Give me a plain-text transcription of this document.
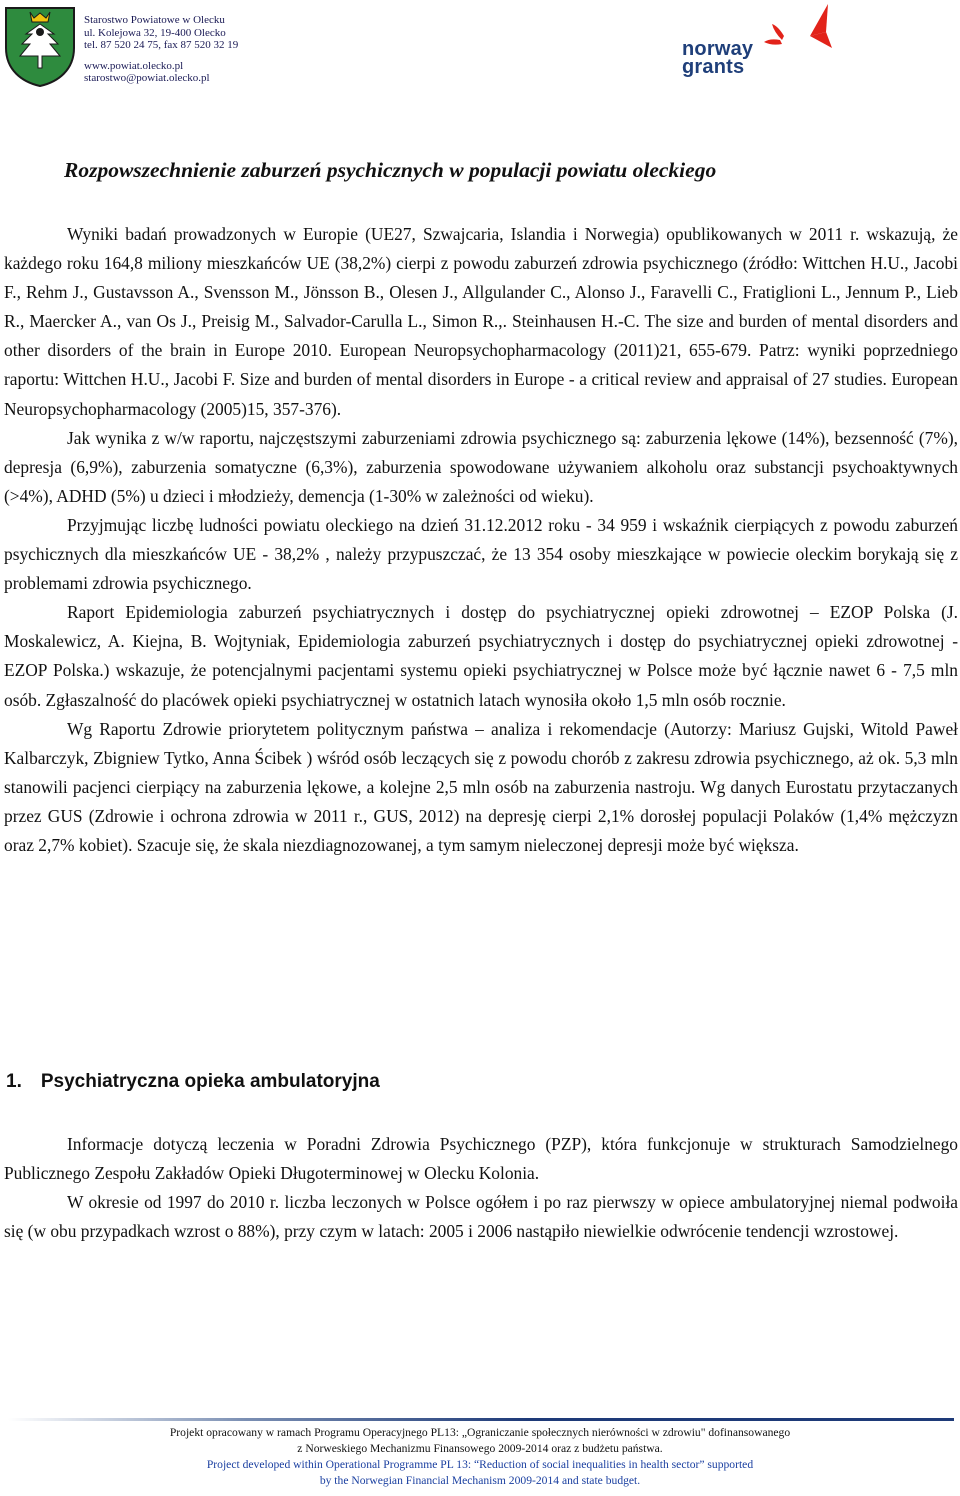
Starostwo Powiatowe w Olecku
ul. Kolejowa 32, 19-400 Olecko
tel. 87 520 24 75, fax 87 520 32 19
www.powiat.olecko.pl
starostwo@powiat.olecko.pl
norway
grants
Rozpowszechnienie zaburzeń psychicznych w populacji powiatu oleckiego

Wyniki badań prowadzonych w Europie (UE27, Szwajcaria, Islandia i Norwegia) opublikowanych w 2011 r. wskazują, że każdego roku 164,8 miliony mieszkańców UE (38,2%) cierpi z powodu zaburzeń zdrowia psychicznego (źródło: Wittchen H.U., Jacobi F., Rehm J., Gustavsson A., Svensson M., Jönsson B., Olesen J., Allgulander C., Alonso J., Faravelli C., Fratiglioni L., Jennum P., Lieb R., Maercker A., van Os J., Preisig M., Salvador-Carulla L., Simon R.,. Steinhausen H.-C. The size and burden of mental disorders and other disorders of the brain in Europe 2010. European Neuropsychopharmacology (2011)21, 655-679. Patrz: wyniki poprzedniego raportu: Wittchen H.U., Jacobi F. Size and burden of mental disorders in Europe - a critical review and appraisal of 27 studies. European Neuropsychopharmacology (2005)15, 357-376).

Jak wynika z w/w raportu, najczęstszymi zaburzeniami zdrowia psychicznego są: zaburzenia lękowe (14%), bezsenność (7%), depresja (6,9%), zaburzenia somatyczne (6,3%), zaburzenia spowodowane używaniem alkoholu oraz substancji psychoaktywnych (>4%), ADHD (5%) u dzieci i młodzieży, demencja (1-30% w zależności od wieku).

Przyjmując liczbę ludności powiatu oleckiego na dzień 31.12.2012 roku - 34 959 i wskaźnik cierpiących z powodu zaburzeń psychicznych dla mieszkańców UE - 38,2% , należy przypuszczać, że 13 354 osoby mieszkające w powiecie oleckim borykają się z problemami zdrowia psychicznego.

Raport Epidemiologia zaburzeń psychiatrycznych i dostęp do psychiatrycznej opieki zdrowotnej – EZOP Polska (J. Moskalewicz, A. Kiejna, B. Wojtyniak, Epidemiologia zaburzeń psychiatrycznych i dostęp do psychiatrycznej opieki zdrowotnej - EZOP Polska.) wskazuje, że potencjalnymi pacjentami systemu opieki psychiatrycznej w Polsce może być łącznie nawet 6 - 7,5 mln osób. Zgłaszalność do placówek opieki psychiatrycznej w ostatnich latach wynosiła około 1,5 mln osób rocznie.

Wg Raportu Zdrowie priorytetem politycznym państwa – analiza i rekomendacje (Autorzy: Mariusz Gujski, Witold Paweł Kalbarczyk, Zbigniew Tytko, Anna Ścibek ) wśród osób leczących się z powodu chorób z zakresu zdrowia psychicznego, aż ok. 5,3 mln stanowili pacjenci cierpiący na zaburzenia lękowe, a kolejne 2,5 mln osób na zaburzenia nastroju. Wg danych Eurostatu przytaczanych przez GUS (Zdrowie i ochrona zdrowia w 2011 r., GUS, 2012) na depresję cierpi 2,1% dorosłej populacji Polaków (1,4% mężczyzn oraz 2,7% kobiet). Szacuje się, że skala niezdiagnozowanej, a tym samym nieleczonej depresji może być większa.

1. Psychiatryczna opieka ambulatoryjna

Informacje dotyczą leczenia w Poradni Zdrowia Psychicznego (PZP), która funkcjonuje w strukturach Samodzielnego Publicznego Zespołu Zakładów Opieki Długoterminowej w Olecku Kolonia.

W okresie od 1997 do 2010 r. liczba leczonych w Polsce ogółem i po raz pierwszy w opiece ambulatoryjnej niemal podwoiła się (w obu przypadkach wzrost o 88%), przy czym w latach: 2005 i 2006 nastąpiło niewielkie odwrócenie tendencji wzrostowej.

Projekt opracowany w ramach Programu Operacyjnego PL13: „Ograniczanie społecznych nierówności w zdrowiu" dofinansowanego
z Norweskiego Mechanizmu Finansowego 2009-2014 oraz z budżetu państwa.
Project developed within Operational Programme PL 13: “Reduction of social inequalities in health sector” supported
by the Norwegian Financial Mechanism 2009-2014 and state budget.
